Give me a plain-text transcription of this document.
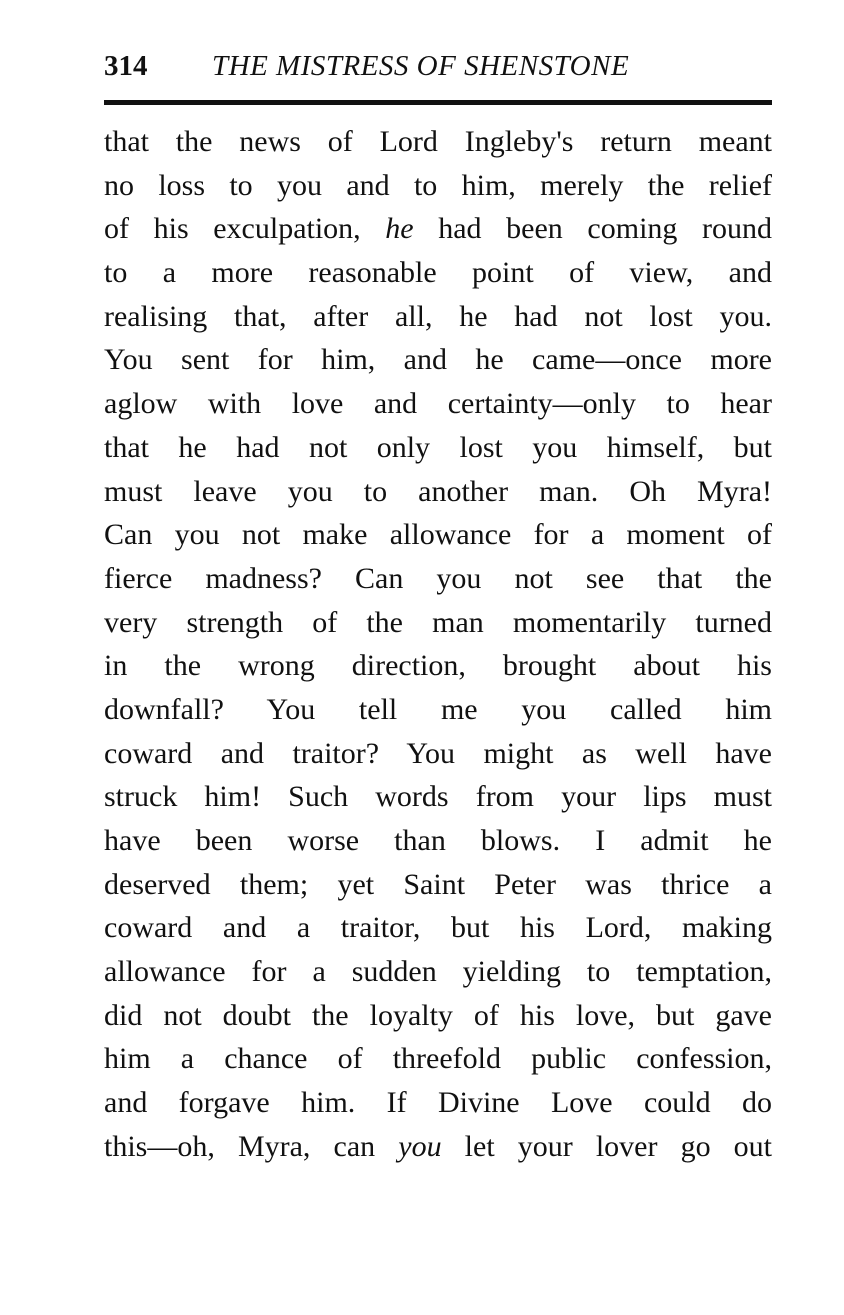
314 THE MISTRESS OF SHENSTONE
that the news of Lord Ingleby's return meant
no loss to you and to him, merely the relief
of his exculpation, he had been coming round
to a more reasonable point of view, and
realising that, after all, he had not lost you.
You sent for him, and he came—once more
aglow with love and certainty—only to hear
that he had not only lost you himself, but
must leave you to another man. Oh Myra!
Can you not make allowance for a moment of
fierce madness? Can you not see that the
very strength of the man momentarily turned
in the wrong direction, brought about his
downfall? You tell me you called him
coward and traitor? You might as well have
struck him! Such words from your lips must
have been worse than blows. I admit he
deserved them; yet Saint Peter was thrice a
coward and a traitor, but his Lord, making
allowance for a sudden yielding to temptation,
did not doubt the loyalty of his love, but gave
him a chance of threefold public confession,
and forgave him. If Divine Love could do
this—oh, Myra, can you let your lover go out
